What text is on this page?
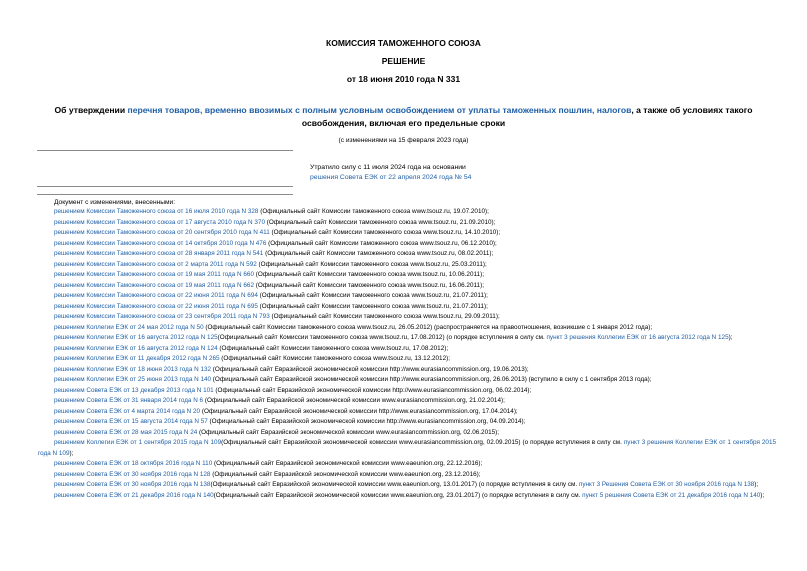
КОМИССИЯ ТАМОЖЕННОГО СОЮЗА
РЕШЕНИЕ
от 18 июня 2010 года N 331
Об утверждении перечня товаров, временно ввозимых с полным условным освобождением от уплаты таможенных пошлин, налогов, а также об условиях такого освобождения, включая его предельные сроки
(с изменениями на 15 февраля 2023 года)
Утратило силу с 11 июля 2024 года на основании
решения Совета ЕЭК от 22 апреля 2024 года № 54
Документ с изменениями, внесенными:
решением Комиссии Таможенного союза от 16 июля 2010 года N 328 (Официальный сайт Комиссии таможенного союза www.tsouz.ru, 19.07.2010);
решением Комиссии Таможенного союза от 17 августа 2010 года N 370 (Официальный сайт Комиссии таможенного союза www.tsouz.ru, 21.09.2010);
решением Комиссии Таможенного союза от 20 сентября 2010 года N 411 (Официальный сайт Комиссии таможенного союза www.tsouz.ru, 14.10.2010);
решением Комиссии Таможенного союза от 14 октября 2010 года N 476 (Официальный сайт Комиссии таможенного союза www.tsouz.ru, 06.12.2010);
решением Комиссии Таможенного союза от 28 января 2011 года N 541 (Официальный сайт Комиссии таможенного союза www.tsouz.ru, 08.02.2011);
решением Комиссии Таможенного союза от 2 марта 2011 года N 592 (Официальный сайт Комиссии таможенного союза www.tsouz.ru, 25.03.2011);
решением Комиссии Таможенного союза от 19 мая 2011 года N 660 (Официальный сайт Комиссии таможенного союза www.tsouz.ru, 10.06.2011);
решением Комиссии Таможенного союза от 19 мая 2011 года N 662 (Официальный сайт Комиссии таможенного союза www.tsouz.ru, 16.06.2011);
решением Комиссии Таможенного союза от 22 июня 2011 года N 694 (Официальный сайт Комиссии таможенного союза www.tsouz.ru, 21.07.2011);
решением Комиссии Таможенного союза от 22 июня 2011 года N 695 (Официальный сайт Комиссии таможенного союза www.tsouz.ru, 21.07.2011);
решением Комиссии Таможенного союза от 23 сентября 2011 года N 793 (Официальный сайт Комиссии таможенного союза www.tsouz.ru, 29.09.2011);
решением Коллегии ЕЭК от 24 мая 2012 года N 50 (Официальный сайт Комиссии таможенного союза www.tsouz.ru, 26.05.2012) (распространяется на правоотношения, возникшие с 1 января 2012 года);
решением Коллегии ЕЭК от 16 августа 2012 года N 125(Официальный сайт Комиссии таможенного союза www.tsouz.ru, 17.08.2012) (о порядке вступления в силу см. пункт 3 решения Коллегии ЕЭК от 16 августа 2012 года N 125);
решением Коллегии ЕЭК от 16 августа 2012 года N 124 (Официальный сайт Комиссии таможенного союза www.tsouz.ru, 17.08.2012);
решением Коллегии ЕЭК от 11 декабря 2012 года N 265 (Официальный сайт Комиссии таможенного союза www.tsouz.ru, 13.12.2012);
решением Коллегии ЕЭК от 18 июня 2013 года N 132 (Официальный сайт Евразийской экономической комиссии http://www.eurasiancommission.org, 19.06.2013);
решением Коллегии ЕЭК от 25 июня 2013 года N 140 (Официальный сайт Евразийской экономической комиссии http://www.eurasiancommission.org, 26.06.2013) (вступило в силу с 1 сентября 2013 года);
решением Совета ЕЭК от 13 декабря 2013 года N 101 (Официальный сайт Евразийской экономической комиссии http://www.eurasiancommission.org, 06.02.2014);
решением Совета ЕЭК от 31 января 2014 года N 6 (Официальный сайт Евразийской экономической комиссии www.eurasiancommission.org, 21.02.2014);
решением Совета ЕЭК от 4 марта 2014 года N 20 (Официальный сайт Евразийской экономической комиссии http://www.eurasiancommission.org, 17.04.2014);
решением Совета ЕЭК от 15 августа 2014 года N 57 (Официальный сайт Евразийской экономической комиссии http://www.eurasiancommission.org, 04.09.2014);
решением Совета ЕЭК от 28 мая 2015 года N 24 (Официальный сайт Евразийской экономической комиссии www.eurasiancommission.org, 02.06.2015);
решением Коллегии ЕЭК от 1 сентября 2015 года N 109(Официальный сайт Евразийской экономической комиссии www.eurasiancommission.org, 02.09.2015) (о порядке вступления в силу см. пункт 3 решения Коллегии ЕЭК от 1 сентября 2015 года N 109);
решением Совета ЕЭК от 18 октября 2016 года N 110 (Официальный сайт Евразийской экономической комиссии www.eaeunion.org, 22.12.2016);
решением Совета ЕЭК от 30 ноября 2016 года N 128 (Официальный сайт Евразийской экономической комиссии www.eaeunion.org, 23.12.2016);
решением Совета ЕЭК от 30 ноября 2016 года N 138(Официальный сайт Евразийской экономической комиссии www.eaeunion.org, 13.01.2017) (о порядке вступления в силу см. пункт 3 Решения Совета ЕЭК от 30 ноября 2016 года N 138);
решением Совета ЕЭК от 21 декабря 2016 года N 140(Официальный сайт Евразийской экономической комиссии www.eaeunion.org, 23.01.2017) (о порядке вступления в силу см. пункт 5 решения Совета ЕЭК от 21 декабря 2016 года N 140);
